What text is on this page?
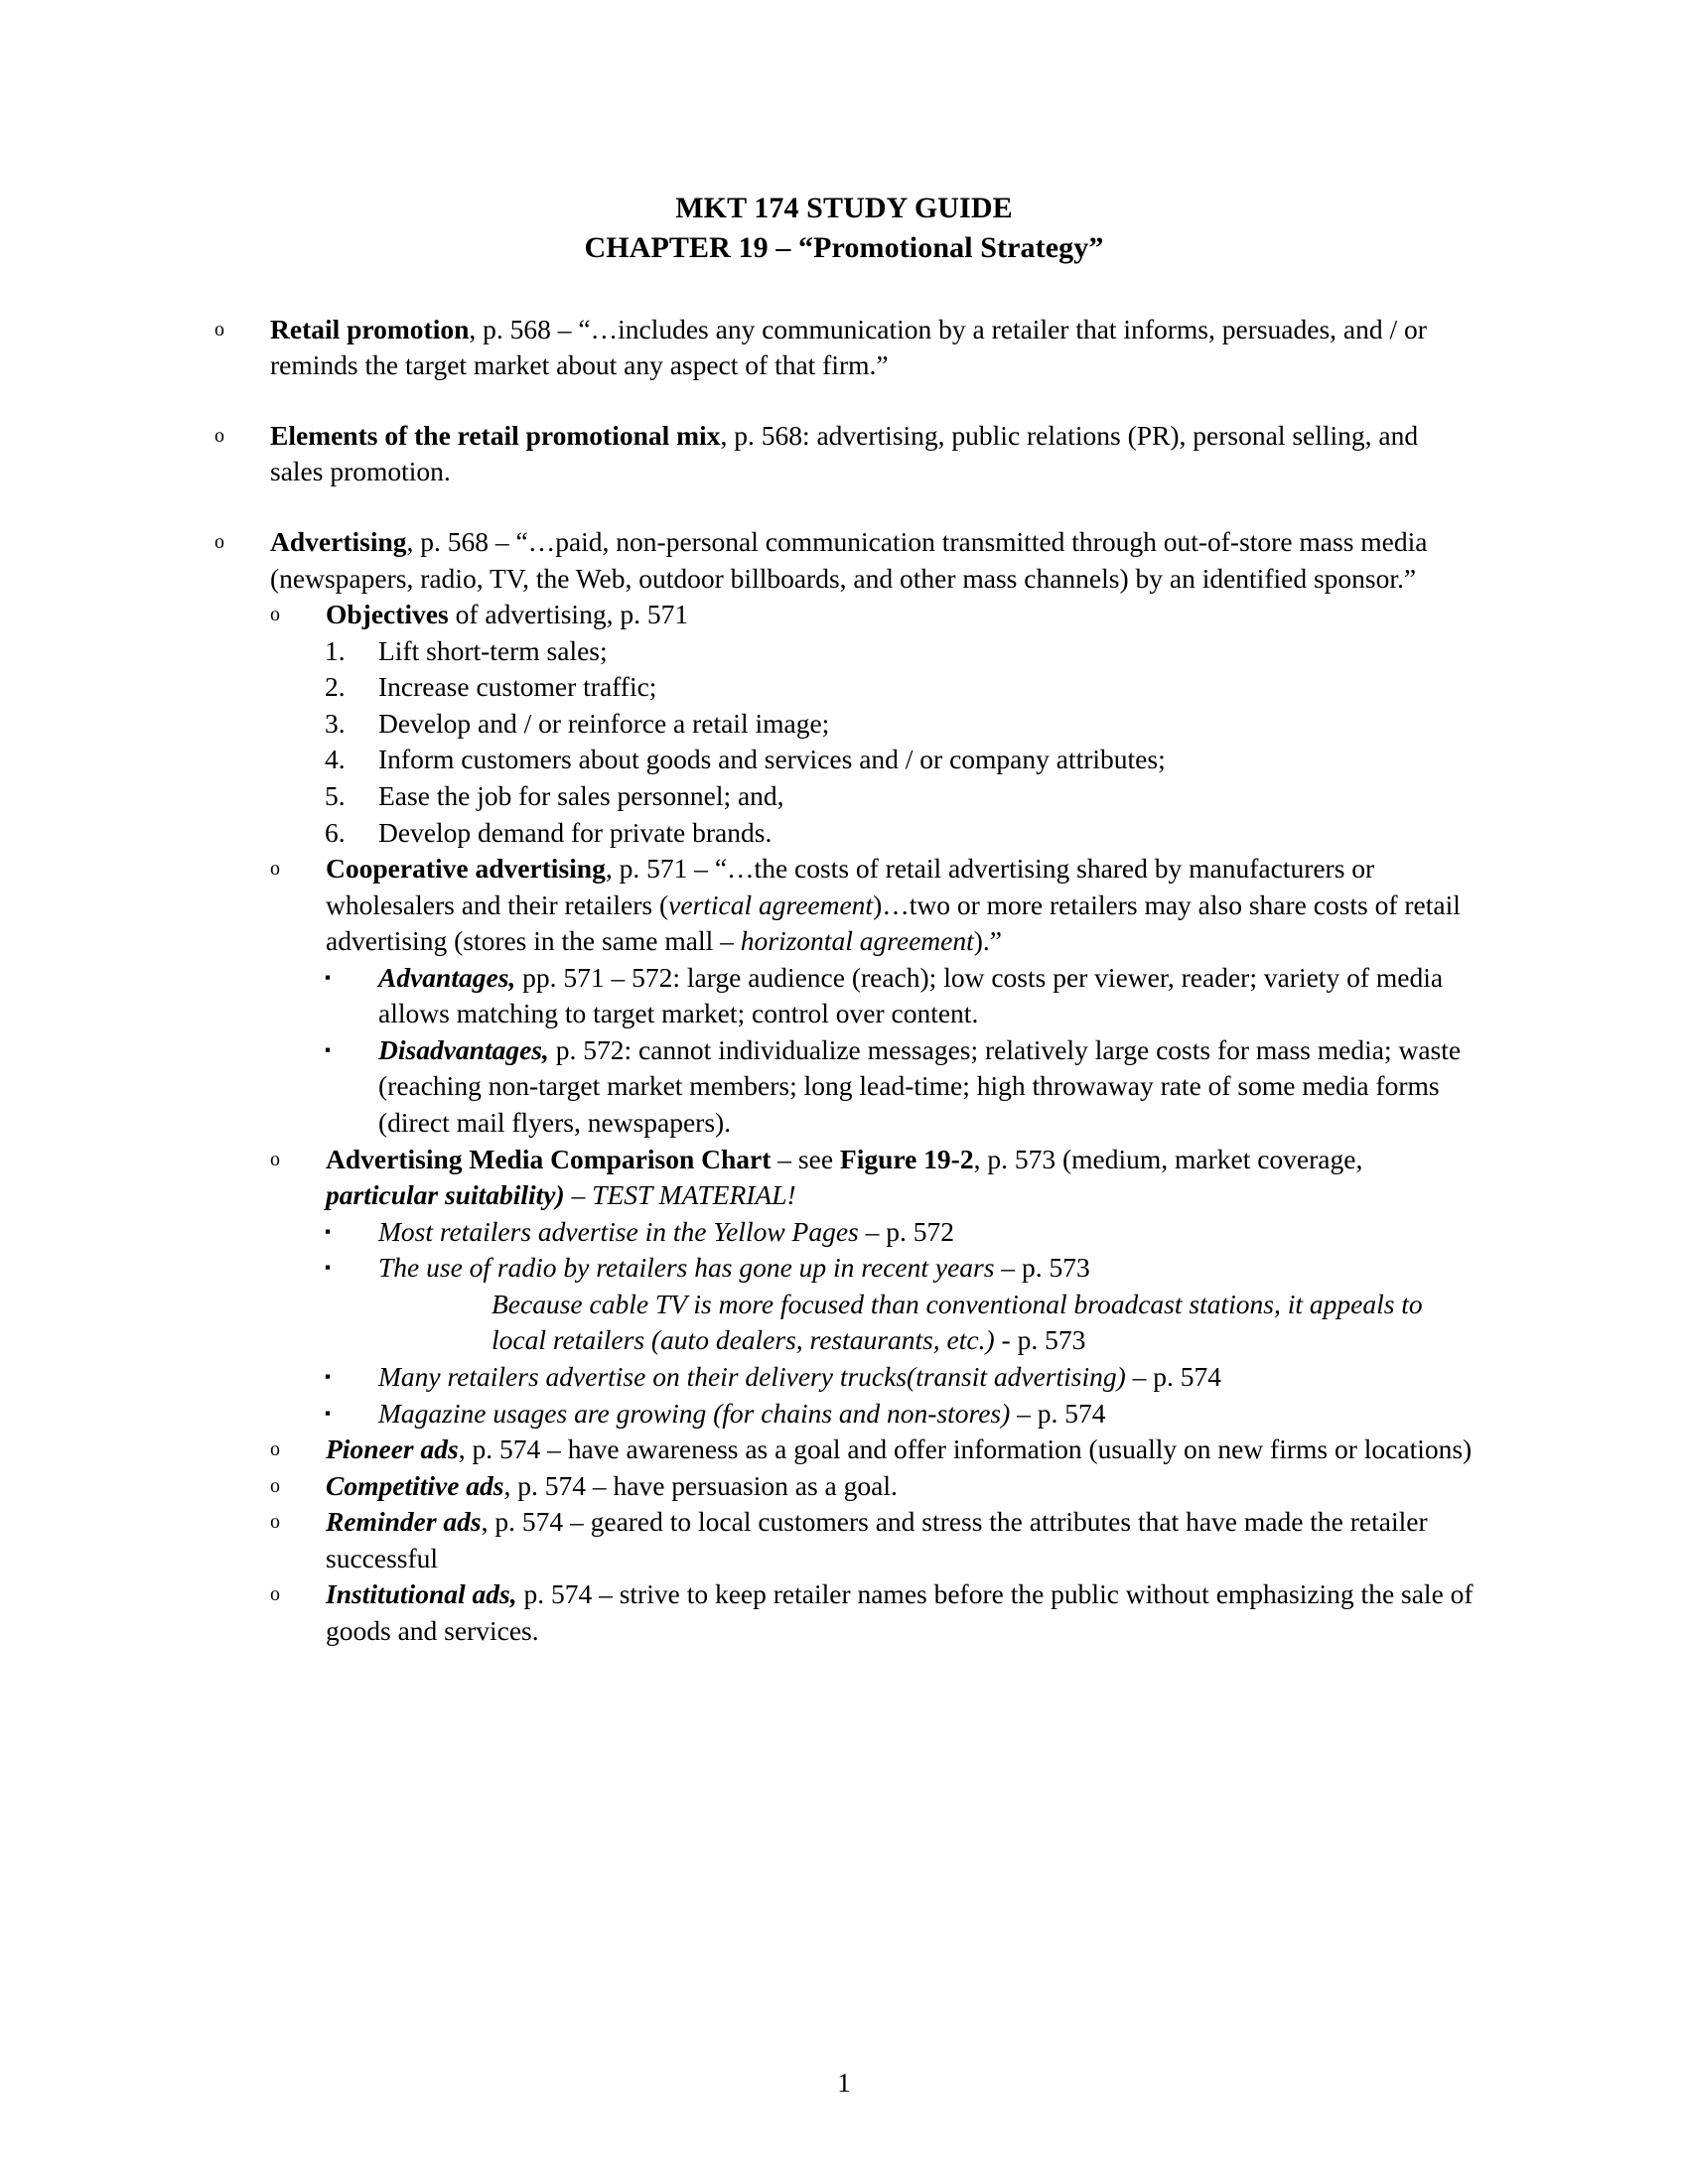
MKT 174 STUDY GUIDE
CHAPTER 19 – “Promotional Strategy”
o	Retail promotion, p. 568 – “…includes any communication by a retailer that informs, persuades, and / or reminds the target market about any aspect of that firm.”
o	Elements of the retail promotional mix, p. 568: advertising, public relations (PR), personal selling, and sales promotion.
o	Advertising, p. 568 – “…paid, non-personal communication transmitted through out-of-store mass media (newspapers, radio, TV, the Web, outdoor billboards, and other mass channels) by an identified sponsor.”
o	Objectives of advertising, p. 571
1.	Lift short-term sales;
2.	Increase customer traffic;
3.	Develop and / or reinforce a retail image;
4.	Inform customers about goods and services and / or company attributes;
5.	Ease the job for sales personnel; and,
6.	Develop demand for private brands.
o	Cooperative advertising, p. 571 – “…the costs of retail advertising shared by manufacturers or wholesalers and their retailers (vertical agreement)…two or more retailers may also share costs of retail advertising (stores in the same mall – horizontal agreement).”
▪	Advantages, pp. 571 – 572: large audience (reach); low costs per viewer, reader; variety of media allows matching to target market; control over content.
▪	Disadvantages, p. 572: cannot individualize messages; relatively large costs for mass media; waste (reaching non-target market members; long lead-time; high throwaway rate of some media forms (direct mail flyers, newspapers).
o	Advertising Media Comparison Chart – see Figure 19-2, p. 573 (medium, market coverage, particular suitability) – TEST MATERIAL!
▪	Most retailers advertise in the Yellow Pages – p. 572
▪	The use of radio by retailers has gone up in recent years – p. 573
Because cable TV is more focused than conventional broadcast stations, it appeals to local retailers (auto dealers, restaurants, etc.) - p. 573
▪	Many retailers advertise on their delivery trucks(transit advertising) – p. 574
▪	Magazine usages are growing (for chains and non-stores) – p. 574
o	Pioneer ads, p. 574 – have awareness as a goal and offer information (usually on new firms or locations)
o	Competitive ads, p. 574 – have persuasion as a goal.
o	Reminder ads, p. 574 – geared to local customers and stress the attributes that have made the retailer successful
o	Institutional ads, p. 574 – strive to keep retailer names before the public without emphasizing the sale of goods and services.
1
